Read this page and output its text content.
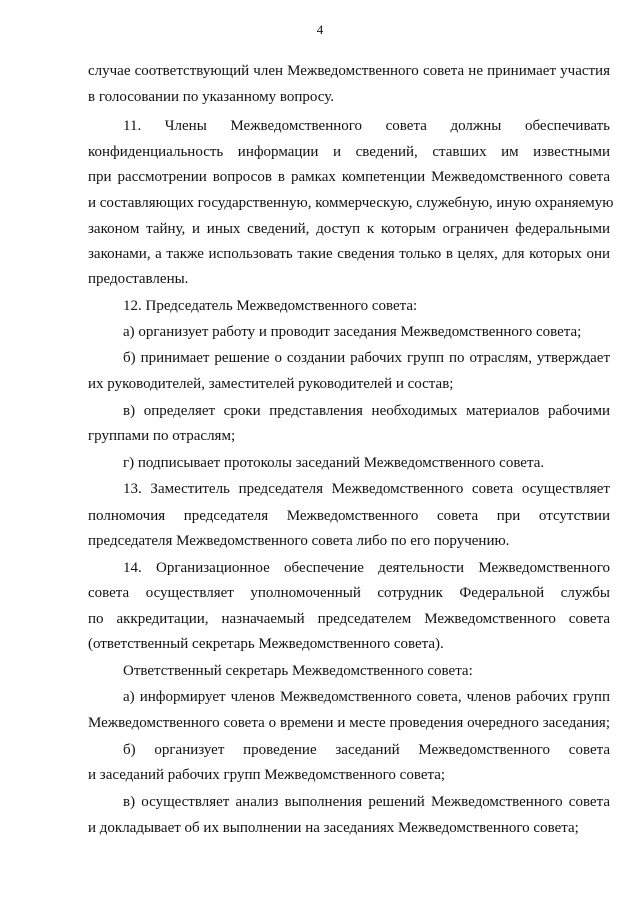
4
случае соответствующий член Межведомственного совета не принимает участия
в голосовании по указанному вопросу.
11. Члены Межведомственного совета должны обеспечивать
конфиденциальность информации и сведений, ставших им известными
при рассмотрении вопросов в рамках компетенции Межведомственного совета
и составляющих государственную, коммерческую, служебную, иную охраняемую
законом тайну, и иных сведений, доступ к которым ограничен федеральными
законами, а также использовать такие сведения только в целях, для которых они
предоставлены.
12. Председатель Межведомственного совета:
а) организует работу и проводит заседания Межведомственного совета;
б) принимает решение о создании рабочих групп по отраслям, утверждает
их руководителей, заместителей руководителей и состав;
в) определяет сроки представления необходимых материалов рабочими
группами по отраслям;
г) подписывает протоколы заседаний Межведомственного совета.
13. Заместитель председателя Межведомственного совета осуществляет
полномочия председателя Межведомственного совета при отсутствии
председателя Межведомственного совета либо по его поручению.
14. Организационное обеспечение деятельности Межведомственного
совета осуществляет уполномоченный сотрудник Федеральной службы
по аккредитации, назначаемый председателем Межведомственного совета
(ответственный секретарь Межведомственного совета).
Ответственный секретарь Межведомственного совета:
а) информирует членов Межведомственного совета, членов рабочих групп
Межведомственного совета о времени и месте проведения очередного заседания;
б) организует проведение заседаний Межведомственного совета
и заседаний рабочих групп Межведомственного совета;
в) осуществляет анализ выполнения решений Межведомственного совета
и докладывает об их выполнении на заседаниях Межведомственного совета;
